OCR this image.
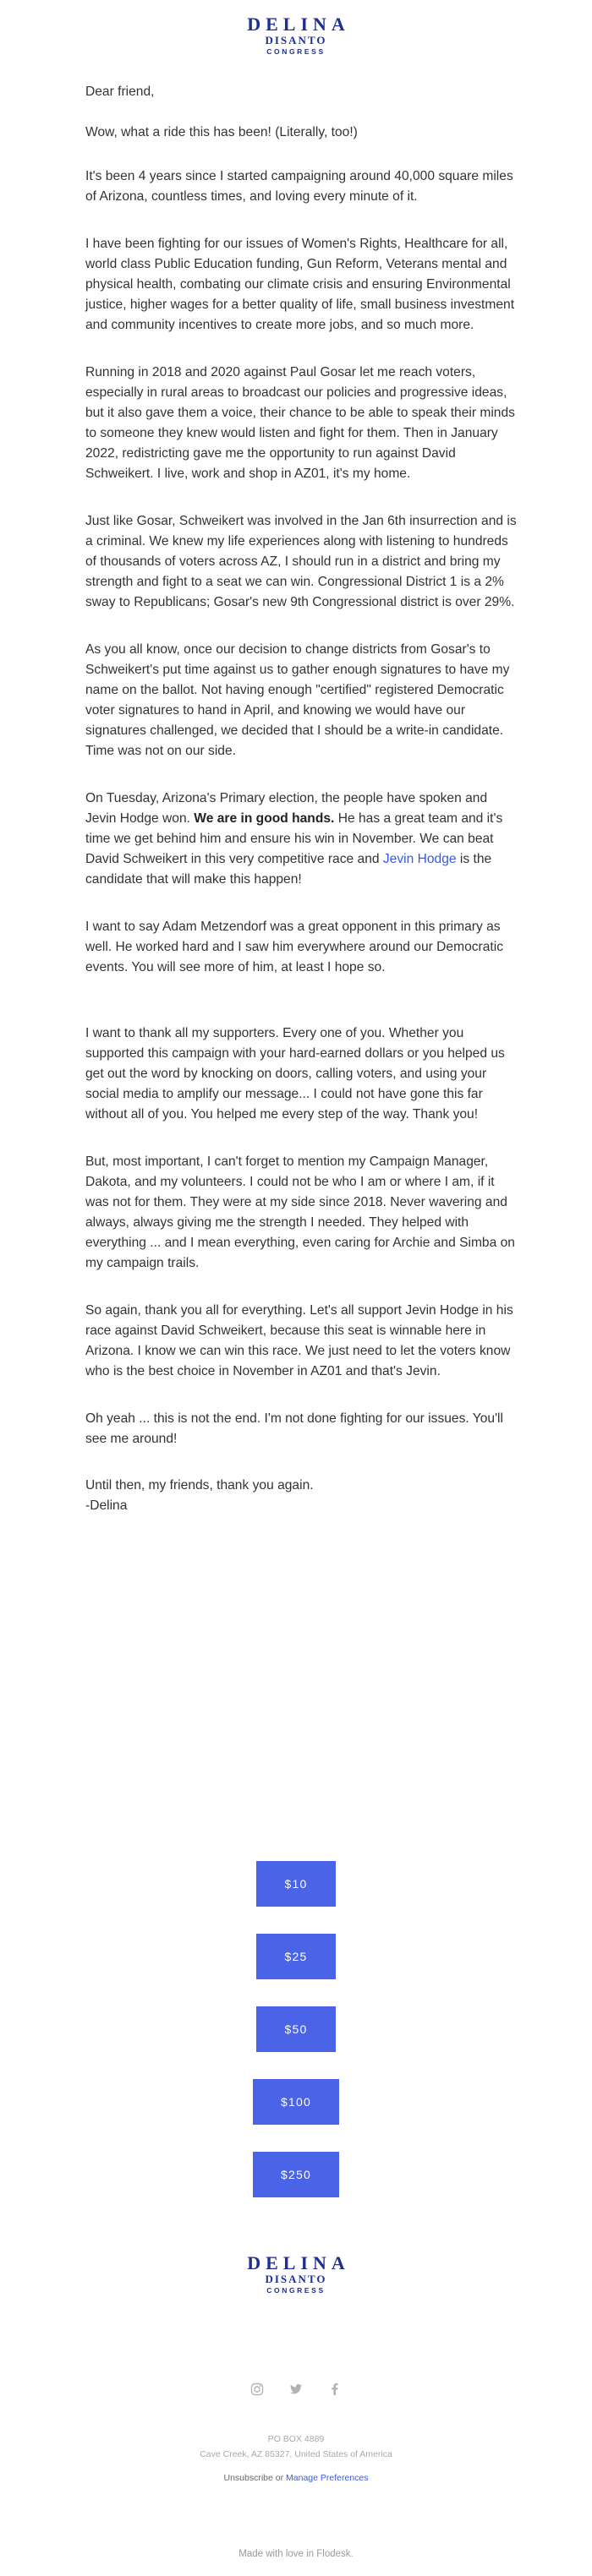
DELINA
DISANTO
CONGRESS

Dear friend,

Wow, what a ride this has been! (Literally, too!)

It's been 4 years since I started campaigning around 40,000 square miles of Arizona, countless times, and loving every minute of it.

I have been fighting for our issues of Women's Rights, Healthcare for all, world class Public Education funding, Gun Reform, Veterans mental and physical health, combating our climate crisis and ensuring Environmental justice, higher wages for a better quality of life, small business investment and community incentives to create more jobs, and so much more.

Running in 2018 and 2020 against Paul Gosar let me reach voters, especially in rural areas to broadcast our policies and progressive ideas, but it also gave them a voice, their chance to be able to speak their minds to someone they knew would listen and fight for them. Then in January 2022, redistricting gave me the opportunity to run against David Schweikert. I live, work and shop in AZ01, it's my home.

Just like Gosar, Schweikert was involved in the Jan 6th insurrection and is a criminal. We knew my life experiences along with listening to hundreds of thousands of voters across AZ, I should run in a district and bring my strength and fight to a seat we can win. Congressional District 1 is a 2% sway to Republicans; Gosar's new 9th Congressional district is over 29%.

As you all know, once our decision to change districts from Gosar's to Schweikert's put time against us to gather enough signatures to have my name on the ballot. Not having enough "certified" registered Democratic voter signatures to hand in April, and knowing we would have our signatures challenged, we decided that I should be a write-in candidate. Time was not on our side.

On Tuesday, Arizona's Primary election, the people have spoken and Jevin Hodge won. We are in good hands. He has a great team and it's time we get behind him and ensure his win in November. We can beat David Schweikert in this very competitive race and Jevin Hodge is the candidate that will make this happen!

I want to say Adam Metzendorf was a great opponent in this primary as well. He worked hard and I saw him everywhere around our Democratic events. You will see more of him, at least I hope so.

I want to thank all my supporters. Every one of you. Whether you supported this campaign with your hard-earned dollars or you helped us get out the word by knocking on doors, calling voters, and using your social media to amplify our message... I could not have gone this far without all of you. You helped me every step of the way. Thank you!

But, most important, I can't forget to mention my Campaign Manager, Dakota, and my volunteers. I could not be who I am or where I am, if it was not for them. They were at my side since 2018. Never wavering and always, always giving me the strength I needed. They helped with everything ... and I mean everything, even caring for Archie and Simba on my campaign trails.

So again, thank you all for everything. Let's all support Jevin Hodge in his race against David Schweikert, because this seat is winnable here in Arizona. I know we can win this race. We just need to let the voters know who is the best choice in November in AZ01 and that's Jevin.

Oh yeah ... this is not the end. I'm not done fighting for our issues. You'll see me around!

Until then, my friends, thank you again.

-Delina

$10
$25
$50
$100
$250
DELINA
DISANTO
CONGRESS

PO BOX 4889
Cave Creek, AZ 85327, United States of America
Unsubscribe or Manage Preferences
Made with love in Flodesk.
